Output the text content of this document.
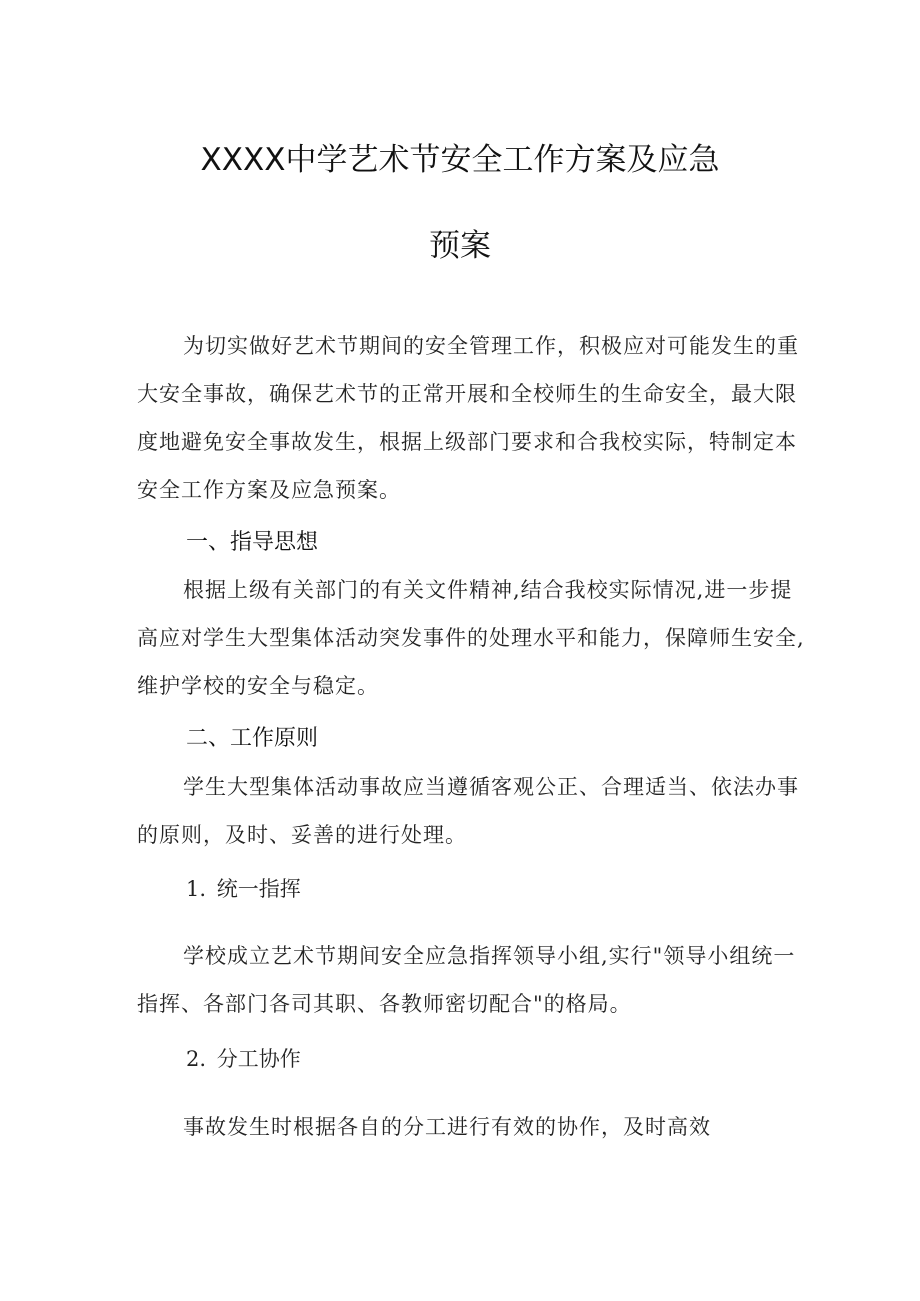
XXXX中学艺术节安全工作方案及应急
预案
为切实做好艺术节期间的安全管理工作，积极应对可能发生的重
大安全事故，确保艺术节的正常开展和全校师生的生命安全，最大限
度地避免安全事故发生，根据上级部门要求和合我校实际，特制定本
安全工作方案及应急预案。
一、指导思想
根据上级有关部门的有关文件精神,结合我校实际情况,进一步提
高应对学生大型集体活动突发事件的处理水平和能力，保障师生安全,
维护学校的安全与稳定。
二、工作原则
学生大型集体活动事故应当遵循客观公正、合理适当、依法办事
的原则，及时、妥善的进行处理。
1. 统一指挥
学校成立艺术节期间安全应急指挥领导小组,实行"领导小组统一
指挥、各部门各司其职、各教师密切配合"的格局。
2. 分工协作
事故发生时根据各自的分工进行有效的协作，及时高效
